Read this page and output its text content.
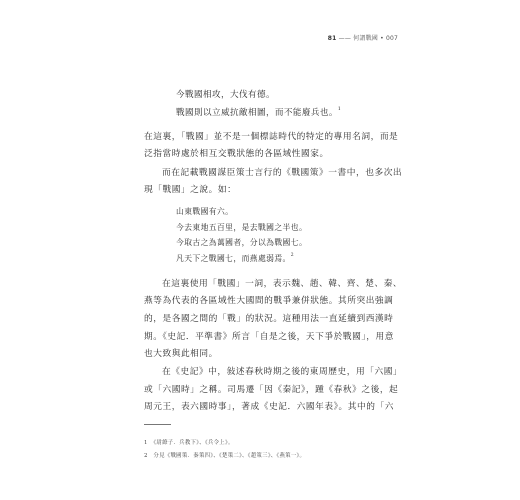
81 —— 何謂戰國 • 007
今戰國相攻，大伐有德。
戰國則以立威抗敵相圖，而不能廢兵也。$^1$
在這裏，「戰國」並不是一個標誌時代的特定的專用名詞，而是
泛指當時處於相互交戰狀態的各區域性國家。
而在記載戰國謀臣策士言行的《戰國策》一書中，也多次出
現「戰國」之說。如：
山東戰國有六。
今去東地五百里，是去戰國之半也。
今取古之為萬國者，分以為戰國七。
凡天下之戰國七，而燕處弱焉。$^2$
在這裏使用「戰國」一詞，表示魏、趙、韓、齊、楚、秦、
燕等為代表的各區域性大國間的戰爭兼併狀態。其所突出強調
的，是各國之間的「戰」的狀況。這種用法一直延續到西漢時
期。《史記．平準書》所言「自是之後，天下爭於戰國」，用意
也大致與此相同。
在《史記》中，敍述春秋時期之後的東周歷史，用「六國」
或「六國時」之稱。司馬遷「因《秦記》，踵《春秋》之後，起
周元王，表六國時事」，著成《史記．六國年表》。其中的「六
1　《尉繚子．兵教下》、《兵令上》。
2　分見《戰國策．秦策四》、《楚策二》、《趙策三》、《燕策一》。
